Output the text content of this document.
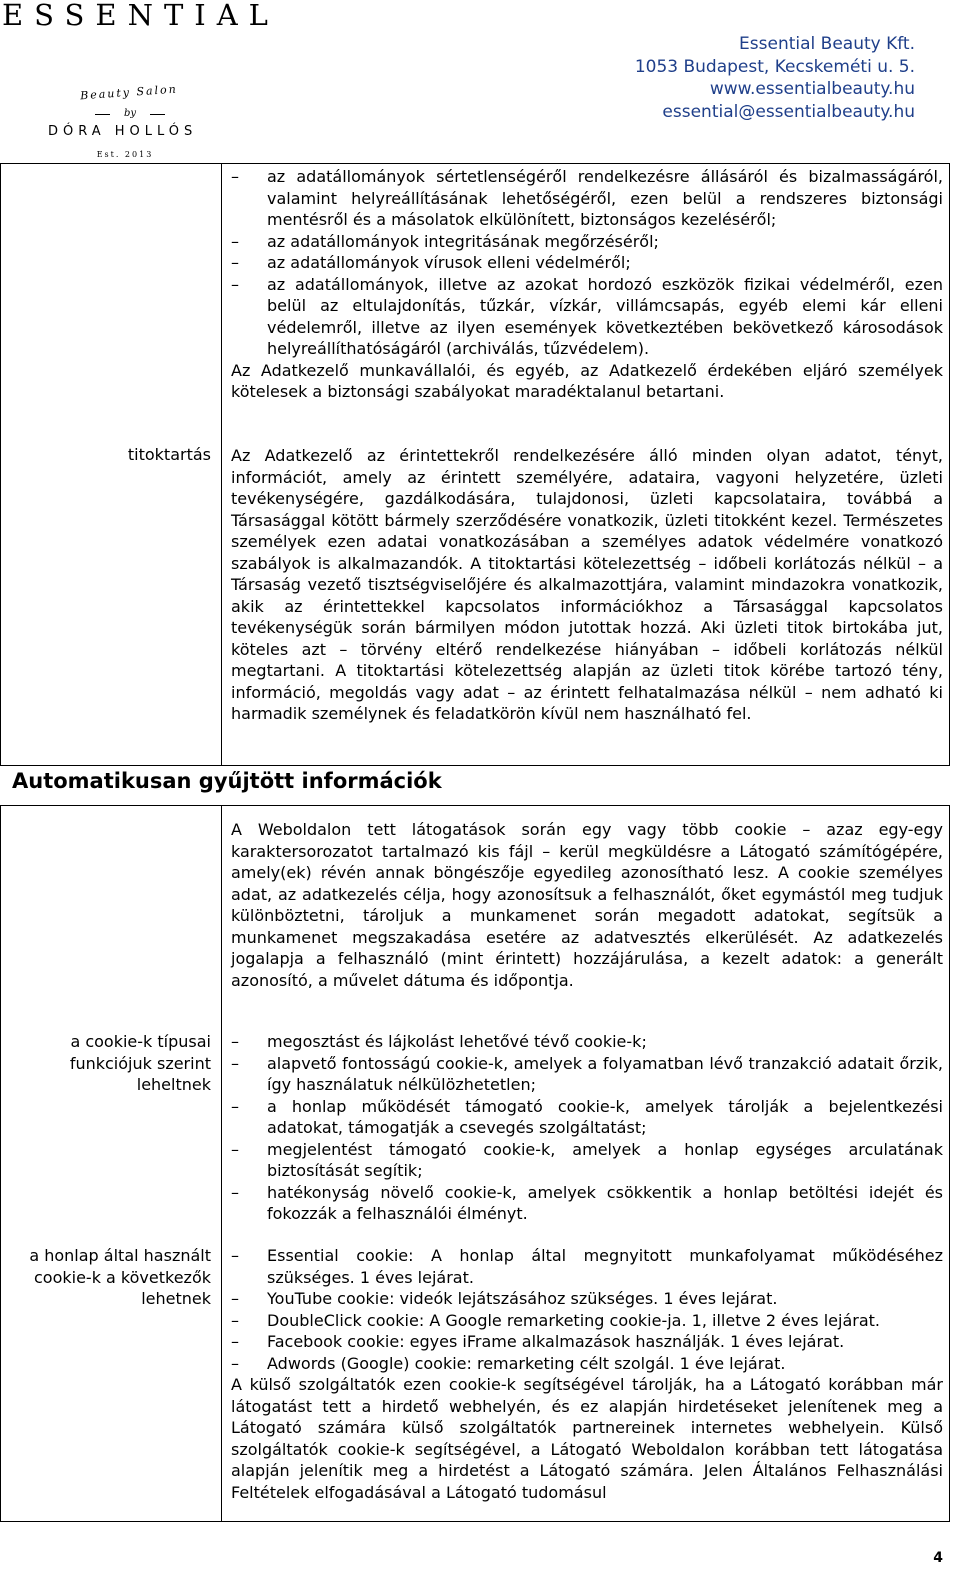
ESSENTIAL
Beauty Salon
by
DÓRA HOLLÓS
Est. 2013
Essential Beauty Kft.
1053 Budapest, Kecskeméti u. 5.
www.essentialbeauty.hu
essential@essentialbeauty.hu
– az adatállományok sértetlenségéről rendelkezésre állásáról és bizalmasságáról, valamint helyreállításának lehetőségéről, ezen belül a rendszeres biztonsági mentésről és a másolatok elkülönített, biztonságos kezeléséről;
– az adatállományok integritásának megőrzéséről;
– az adatállományok vírusok elleni védelméről;
– az adatállományok, illetve az azokat hordozó eszközök fizikai védelméről, ezen belül az eltulajdonítás, tűzkár, vízkár, villámcsapás, egyéb elemi kár elleni védelemről, illetve az ilyen események következtében bekövetkező károsodások helyreállíthatóságáról (archiválás, tűzvédelem).

Az Adatkezelő munkavállalói, és egyéb, az Adatkezelő érdekében eljáró személyek kötelesek a biztonsági szabályokat maradéktalanul betartani.

titoktartás Az Adatkezelő az érintettekről rendelkezésére álló minden olyan adatot, tényt, információt, amely az érintett személyére, adataira, vagyoni helyzetére, üzleti tevékenységére, gazdálkodására, tulajdonosi, üzleti kapcsolataira, továbbá a Társasággal kötött bármely szerződésére vonatkozik, üzleti titokként kezel. Természetes személyek ezen adatai vonatkozásában a személyes adatok védelmére vonatkozó szabályok is alkalmazandók. A titoktartási kötelezettség – időbeli korlátozás nélkül – a Társaság vezető tisztségviselőjére és alkalmazottjára, valamint mindazokra vonatkozik, akik az érintettekkel kapcsolatos információkhoz a Társasággal kapcsolatos tevékenységük során bármilyen módon jutottak hozzá. Aki üzleti titok birtokába jut, köteles azt – törvény eltérő rendelkezése hiányában – időbeli korlátozás nélkül megtartani. A titoktartási kötelezettség alapján az üzleti titok körébe tartozó tény, információ, megoldás vagy adat – az érintett felhatalmazása nélkül – nem adható ki harmadik személynek és feladatkörön kívül nem használható fel.
Automatikusan gyűjtött információk
A Weboldalon tett látogatások során egy vagy több cookie – azaz egy-egy karaktersorozatot tartalmazó kis fájl – kerül megküldésre a Látogató számítógépére, amely(ek) révén annak böngészője egyedileg azonosítható lesz. A cookie személyes adat, az adatkezelés célja, hogy azonosítsuk a felhasználót, őket egymástól meg tudjuk különböztetni, tároljuk a munkamenet során megadott adatokat, segítsük a munkamenet megszakadása esetére az adatvesztés elkerülését. Az adatkezelés jogalapja a felhasználó (mint érintett) hozzájárulása, a kezelt adatok: a generált azonosító, a művelet dátuma és időpontja.
a cookie-k típusai funkciójuk szerint leheltnek
– megosztást és lájkolást lehetővé tévő cookie-k;
– alapvető fontosságú cookie-k, amelyek a folyamatban lévő tranzakció adatait őrzik, így használatuk nélkülözhetetlen;
– a honlap működését támogató cookie-k, amelyek tárolják a bejelentkezési adatokat, támogatják a csevegés szolgáltatást;
– megjelentést támogató cookie-k, amelyek a honlap egységes arculatának biztosítását segítik;
– hatékonyság növelő cookie-k, amelyek csökkentik a honlap betöltési idejét és fokozzák a felhasználói élményt.
a honlap által használt cookie-k a következők lehetnek
– Essential cookie: A honlap által megnyitott munkafolyamat működéséhez szükséges. 1 éves lejárat.
– YouTube cookie: videók lejátszásához szükséges. 1 éves lejárat.
– DoubleClick cookie: A Google remarketing cookie-ja. 1, illetve 2 éves lejárat.
– Facebook cookie: egyes iFrame alkalmazások használják. 1 éves lejárat.
– Adwords (Google) cookie: remarketing célt szolgál. 1 éve lejárat.

A külső szolgáltatók ezen cookie-k segítségével tárolják, ha a Látogató korábban már látogatást tett a hirdető webhelyén, és ez alapján hirdetéseket jelenítenek meg a Látogató számára külső szolgáltatók partnereinek internetes webhelyein. Külső szolgáltatók cookie-k segítségével, a Látogató Weboldalon korábban tett látogatása alapján jelenítik meg a hirdetést a Látogató számára. Jelen Általános Felhasználási Feltételek elfogadásával a Látogató tudomásul

4
